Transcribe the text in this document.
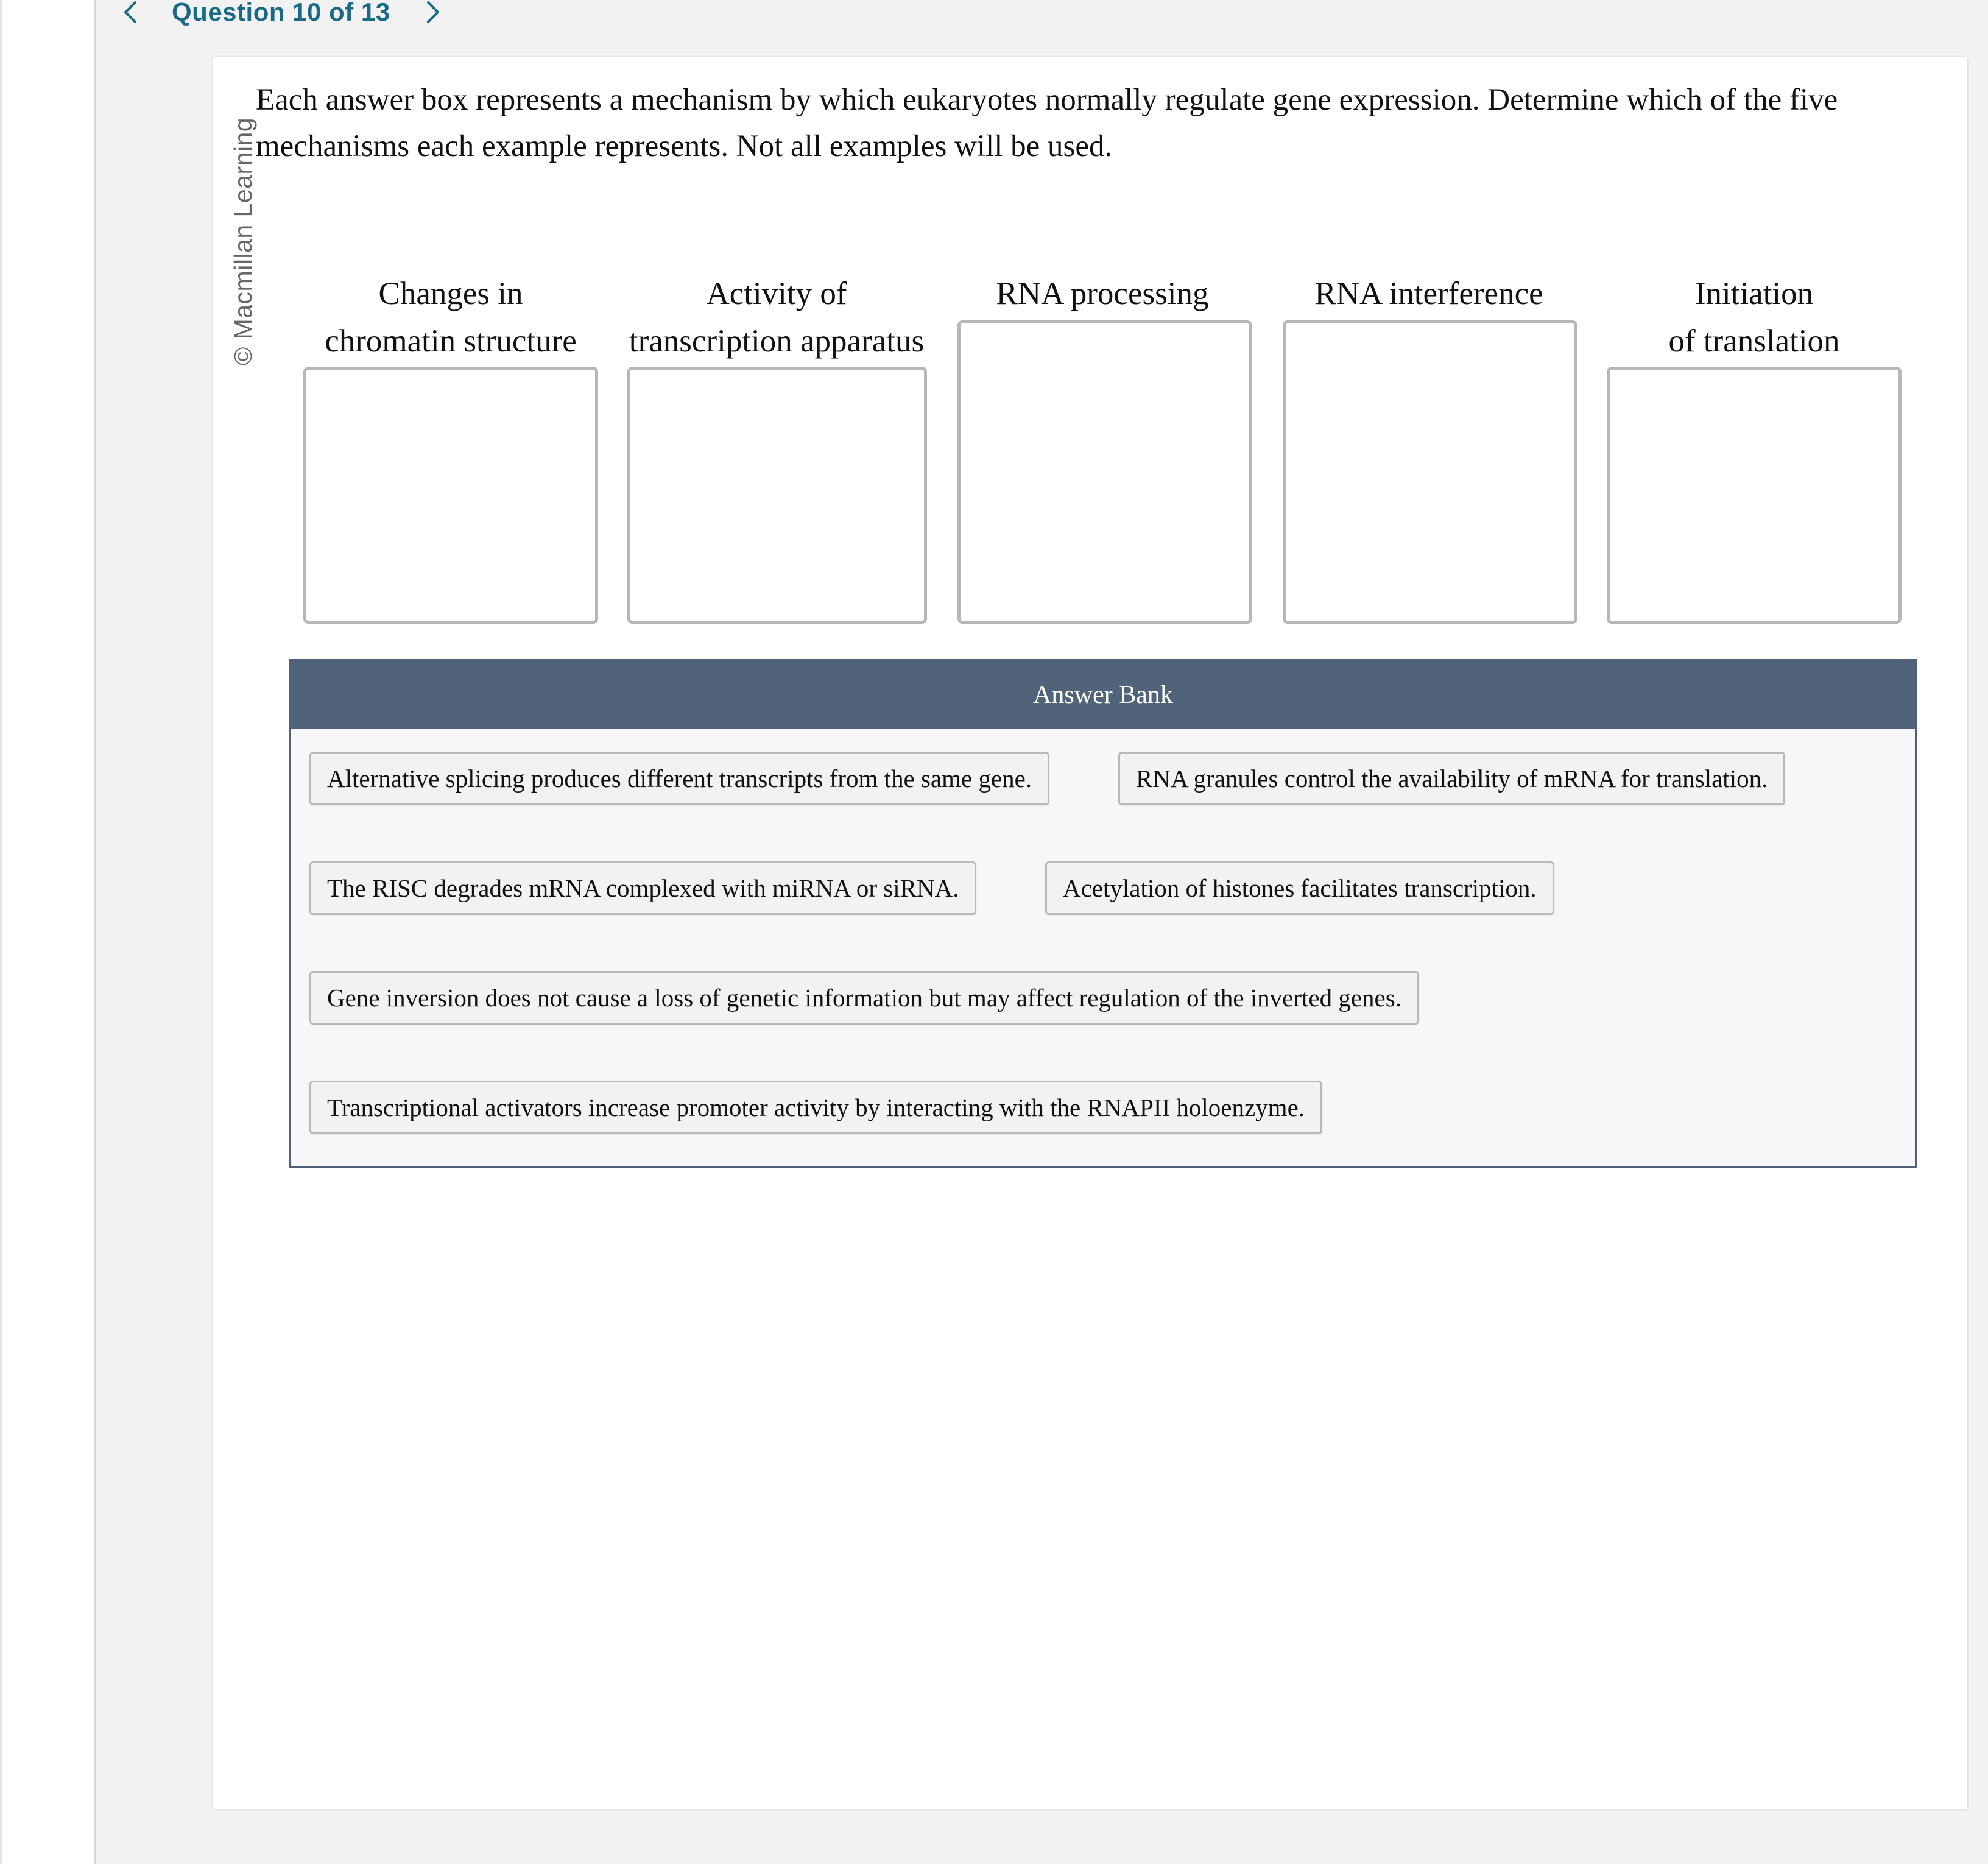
Question 10 of 13
© Macmillan Learning
Each answer box represents a mechanism by which eukaryotes normally regulate gene expression. Determine which of the five mechanisms each example represents. Not all examples will be used.
Changes in
chromatin structure
Activity of
transcription apparatus
RNA processing	RNA interference	Initiation
of translation
Answer Bank
Alternative splicing produces different transcripts from the same gene.	RNA granules control the availability of mRNA for translation.
The RISC degrades mRNA complexed with miRNA or siRNA.	Acetylation of histones facilitates transcription.
Gene inversion does not cause a loss of genetic information but may affect regulation of the inverted genes.
Transcriptional activators increase promoter activity by interacting with the RNAPII holoenzyme.
